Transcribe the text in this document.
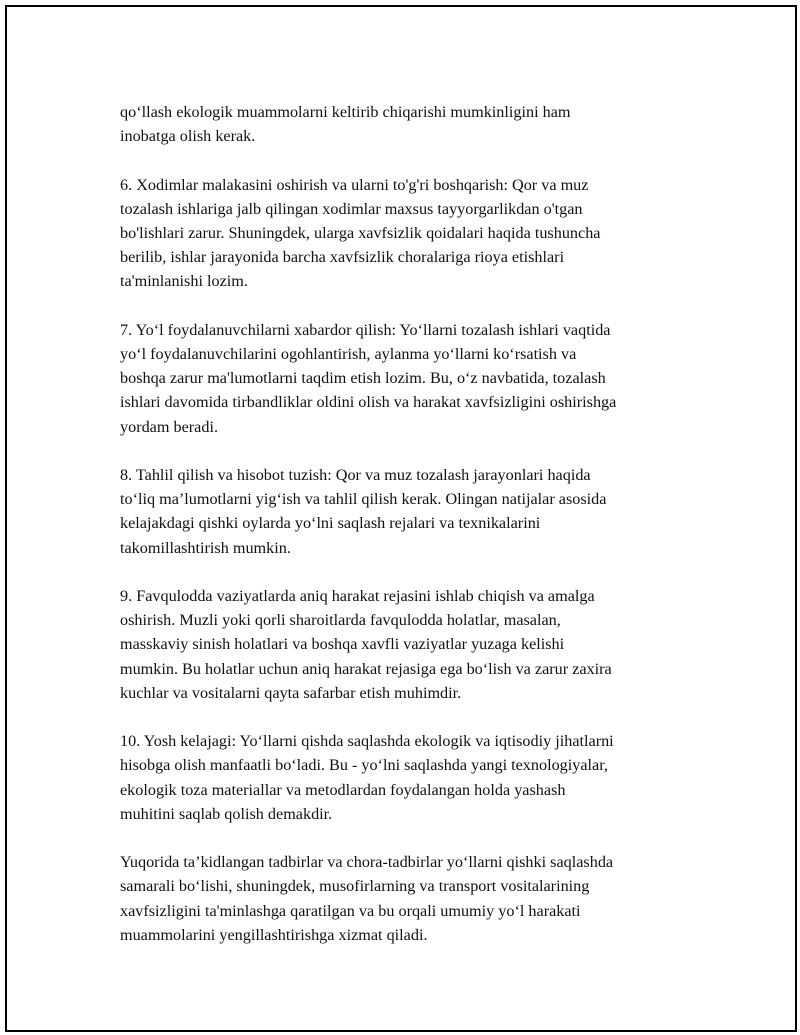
qo‘llash ekologik muammolarni keltirib chiqarishi mumkinligini ham
inobatga olish kerak.

6. Xodimlar malakasini oshirish va ularni to'g'ri boshqarish: Qor va muz
tozalash ishlariga jalb qilingan xodimlar maxsus tayyorgarlikdan o'tgan
bo'lishlari zarur. Shuningdek, ularga xavfsizlik qoidalari haqida tushuncha
berilib, ishlar jarayonida barcha xavfsizlik choralariga rioya etishlari
ta'minlanishi lozim.

7. Yo‘l foydalanuvchilarni xabardor qilish: Yo‘llarni tozalash ishlari vaqtida
yo‘l foydalanuvchilarini ogohlantirish, aylanma yo‘llarni ko‘rsatish va
boshqa zarur ma'lumotlarni taqdim etish lozim. Bu, o‘z navbatida, tozalash
ishlari davomida tirbandliklar oldini olish va harakat xavfsizligini oshirishga
yordam beradi.

8. Tahlil qilish va hisobot tuzish: Qor va muz tozalash jarayonlari haqida
to‘liq ma’lumotlarni yig‘ish va tahlil qilish kerak. Olingan natijalar asosida
kelajakdagi qishki oylarda yo‘lni saqlash rejalari va texnikalarini
takomillashtirish mumkin.

9. Favqulodda vaziyatlarda aniq harakat rejasini ishlab chiqish va amalga
oshirish. Muzli yoki qorli sharoitlarda favqulodda holatlar, masalan,
masskaviy sinish holatlari va boshqa xavfli vaziyatlar yuzaga kelishi
mumkin. Bu holatlar uchun aniq harakat rejasiga ega bo‘lish va zarur zaxira
kuchlar va vositalarni qayta safarbar etish muhimdir.

10. Yosh kelajagi: Yo‘llarni qishda saqlashda ekologik va iqtisodiy jihatlarni
hisobga olish manfaatli bo‘ladi. Bu - yo‘lni saqlashda yangi texnologiyalar,
ekologik toza materiallar va metodlardan foydalangan holda yashash
muhitini saqlab qolish demakdir.

Yuqorida ta’kidlangan tadbirlar va chora-tadbirlar yo‘llarni qishki saqlashda
samarali bo‘lishi, shuningdek, musofirlarning va transport vositalarining
xavfsizligini ta'minlashga qaratilgan va bu orqali umumiy yo‘l harakati
muammolarini yengillashtirishga xizmat qiladi.
